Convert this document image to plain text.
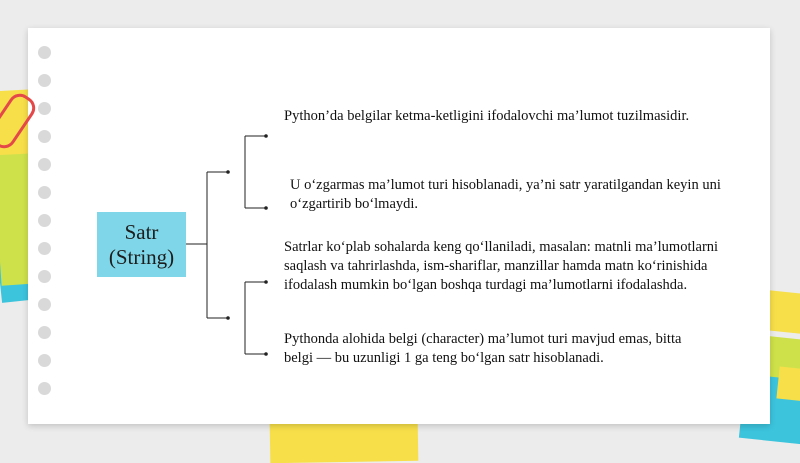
Satr
(String)
Python’da belgilar ketma-ketligini ifodalovchi ma’lumot tuzilmasidir.
U o‘zgarmas ma’lumot turi hisoblanadi, ya’ni satr yaratilgandan keyin uni o‘zgartirib bo‘lmaydi.
Satrlar ko‘plab sohalarda keng qo‘llaniladi, masalan: matnli ma’lumotlarni saqlash va tahrirlashda, ism-shariflar, manzillar hamda matn ko‘rinishida ifodalash mumkin bo‘lgan boshqa turdagi ma’lumotlarni ifodalashda.
Pythonda alohida belgi (character) ma’lumot turi mavjud emas, bitta belgi — bu uzunligi 1 ga teng bo‘lgan satr hisoblanadi.
